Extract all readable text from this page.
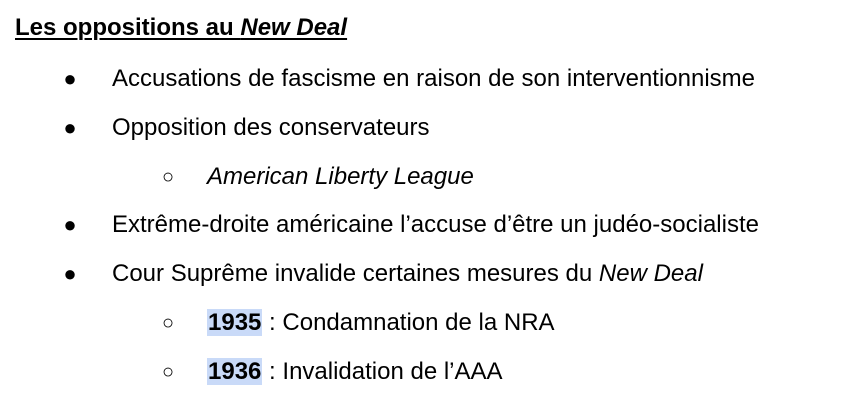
Les oppositions au New Deal
● Accusations de fascisme en raison de son interventionnisme
● Opposition des conservateurs
○ American Liberty League
● Extrême-droite américaine l’accuse d’être un judéo-socialiste
● Cour Suprême invalide certaines mesures du New Deal
○ 1935 : Condamnation de la NRA
○ 1936 : Invalidation de l’AAA
